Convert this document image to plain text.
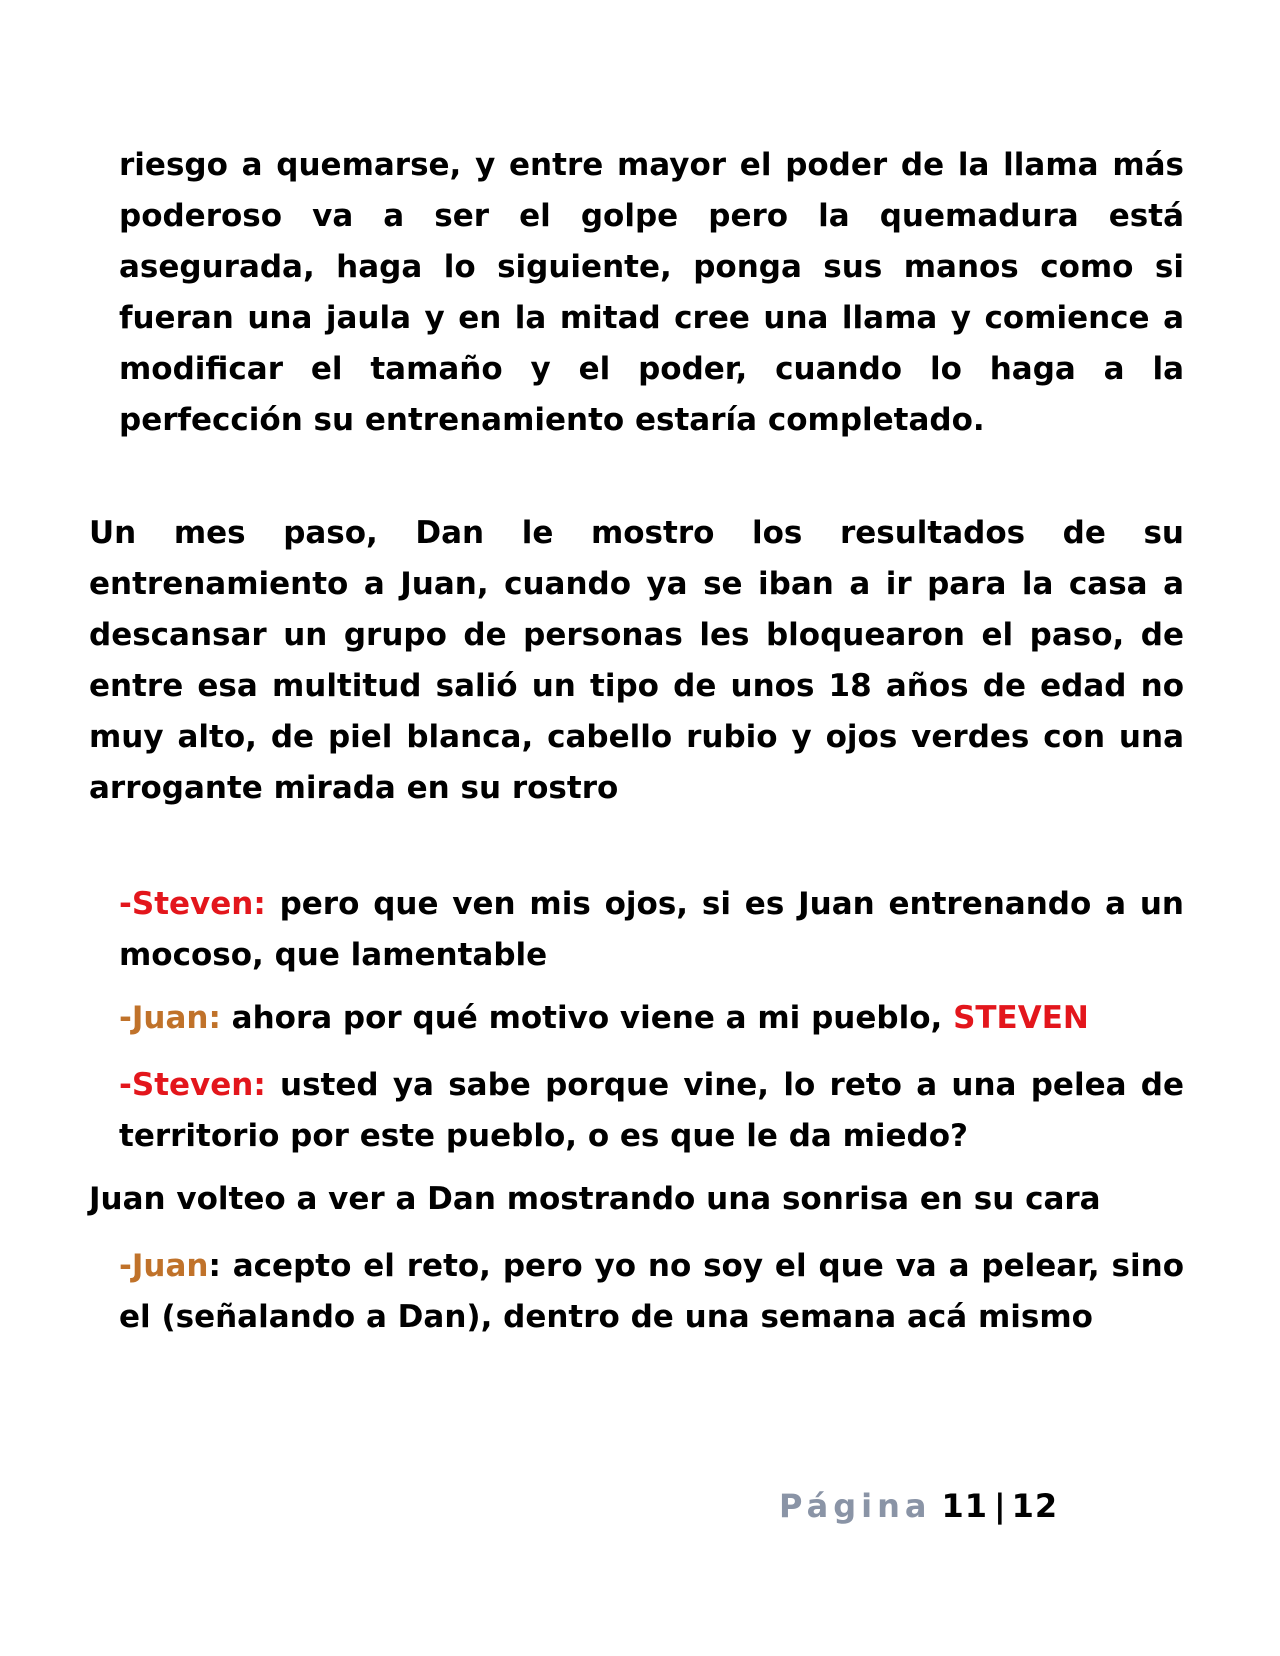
riesgo a quemarse, y entre mayor el poder de la llama más poderoso va a ser el golpe pero la quemadura está asegurada, haga lo siguiente, ponga sus manos como si fueran una jaula y en la mitad cree una llama y comience a modificar el tamaño y el poder, cuando lo haga a la perfección su entrenamiento estaría completado.

Un mes paso, Dan le mostro los resultados de su entrenamiento a Juan, cuando ya se iban a ir para la casa a descansar un grupo de personas les bloquearon el paso, de entre esa multitud salió un tipo de unos 18 años de edad no muy alto, de piel blanca, cabello rubio y ojos verdes con una arrogante mirada en su rostro

-Steven: pero que ven mis ojos, si es Juan entrenando a un mocoso, que lamentable

-Juan: ahora por qué motivo viene a mi pueblo, STEVEN

-Steven: usted ya sabe porque vine, lo reto a una pelea de territorio por este pueblo, o es que le da miedo?

Juan volteo a ver a Dan mostrando una sonrisa en su cara

-Juan: acepto el reto, pero yo no soy el que va a pelear, sino el (señalando a Dan), dentro de una semana acá mismo

Página 11 | 12
